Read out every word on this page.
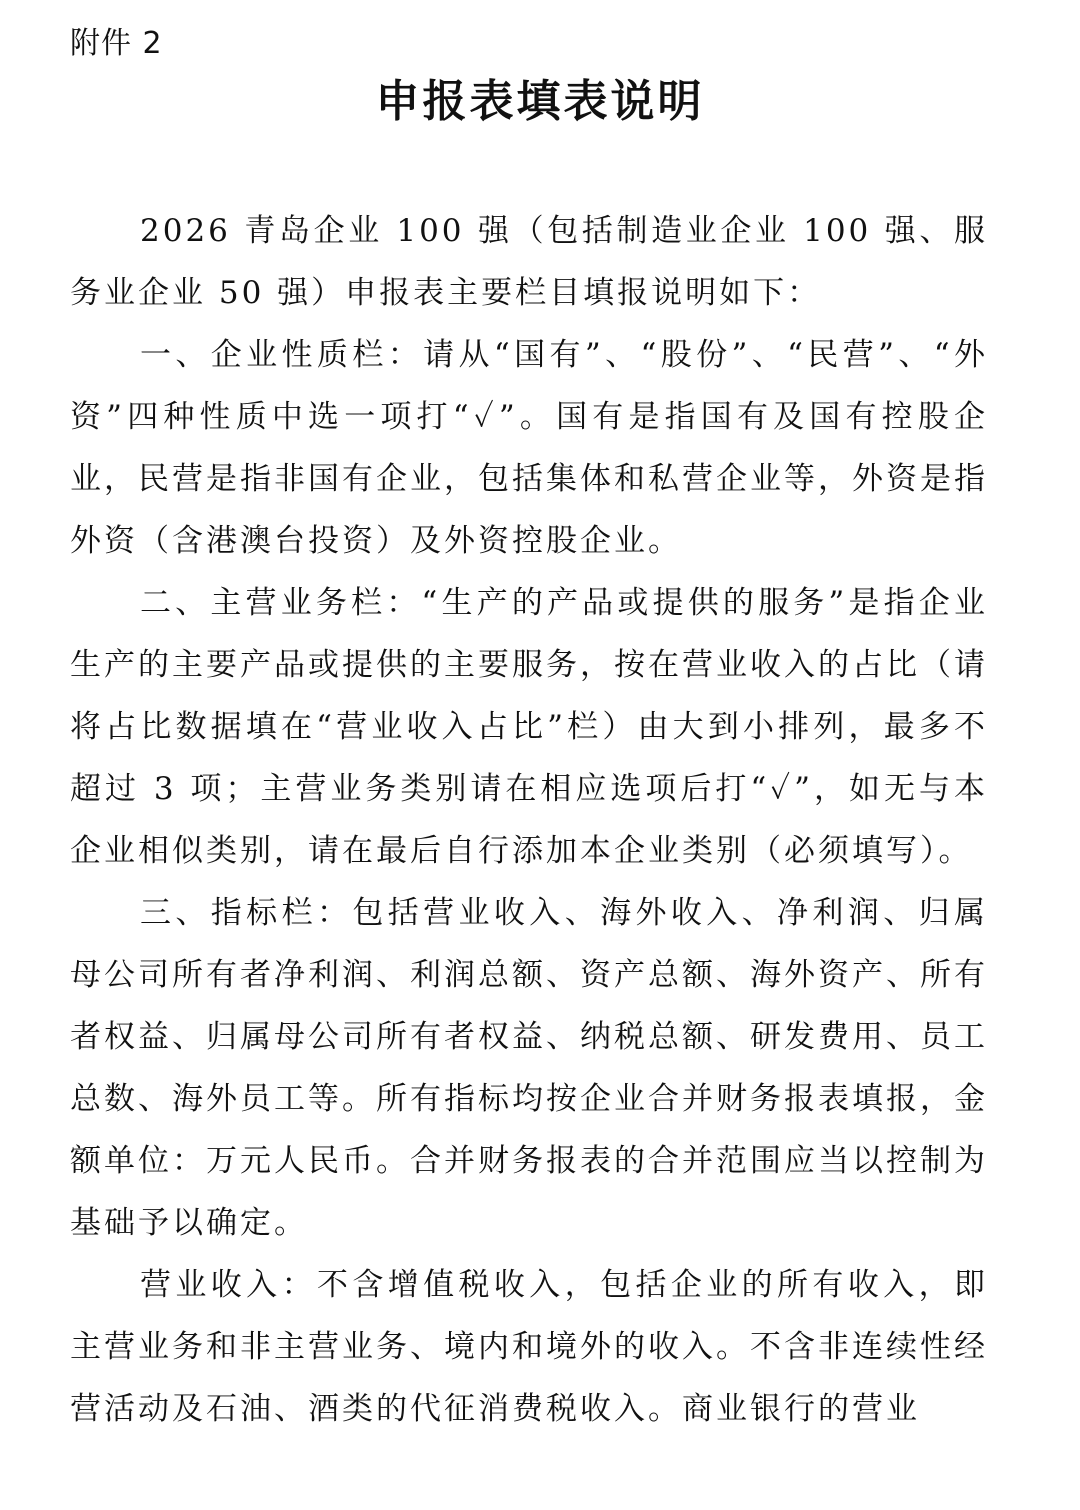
附件 2
申报表填表说明

2026 青岛企业 100 强（包括制造业企业 100 强、服务业企业 50 强）申报表主要栏目填报说明如下：

一、企业性质栏：请从“国有”、“股份”、“民营”、“外资”四种性质中选一项打“✓”。国有是指国有及国有控股企业，民营是指非国有企业，包括集体和私营企业等，外资是指外资（含港澳台投资）及外资控股企业。

二、主营业务栏：“生产的产品或提供的服务”是指企业生产的主要产品或提供的主要服务，按在营业收入的占比（请将占比数据填在“营业收入占比”栏）由大到小排列，最多不超过 3 项；主营业务类别请在相应选项后打“✓”，如无与本企业相似类别，请在最后自行添加本企业类别（必须填写）。

三、指标栏：包括营业收入、海外收入、净利润、归属母公司所有者净利润、利润总额、资产总额、海外资产、所有者权益、归属母公司所有者权益、纳税总额、研发费用、员工总数、海外员工等。所有指标均按企业合并财务报表填报，金额单位：万元人民币。合并财务报表的合并范围应当以控制为基础予以确定。

营业收入：不含增值税收入，包括企业的所有收入，即主营业务和非主营业务、境内和境外的收入。不含非连续性经营活动及石油、酒类的代征消费税收入。商业银行的营业
